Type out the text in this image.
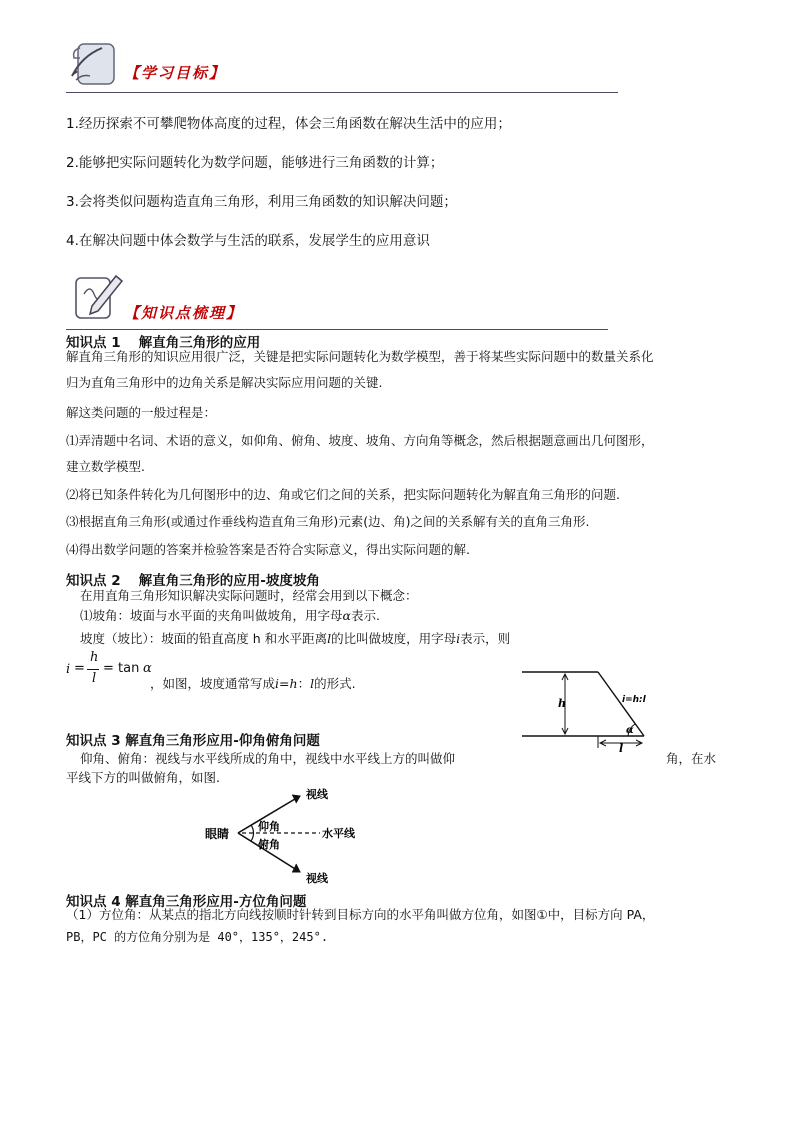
【学习目标】
1.经历探索不可攀爬物体高度的过程，体会三角函数在解决生活中的应用；
2.能够把实际问题转化为数学问题，能够进行三角函数的计算；
3.会将类似问题构造直角三角形，利用三角函数的知识解决问题；
4.在解决问题中体会数学与生活的联系，发展学生的应用意识
【知识点梳理】
知识点 1　 解直角三角形的应用
解直角三角形的知识应用很广泛，关键是把实际问题转化为数学模型，善于将某些实际问题中的数量关系化
归为直角三角形中的边角关系是解决实际应用问题的关键.
解这类问题的一般过程是：
⑴弄清题中名词、术语的意义，如仰角、俯角、坡度、坡角、方向角等概念，然后根据题意画出几何图形，
建立数学模型.
⑵将已知条件转化为几何图形中的边、角或它们之间的关系，把实际问题转化为解直角三角形的问题.
⑶根据直角三角形(或通过作垂线构造直角三角形)元素(边、角)之间的关系解有关的直角三角形.
⑷得出数学问题的答案并检验答案是否符合实际意义，得出实际问题的解.
知识点 2　 解直角三角形的应用-坡度坡角
在用直角三角形知识解决实际问题时，经常会用到以下概念：
⑴坡角：坡面与水平面的夹角叫做坡角，用字母α表示.
坡度（坡比）：坡面的铅直高度 h 和水平距离l的比叫做坡度，用字母i表示，则
i =
h
l
= tan α
，如图，坡度通常写成i=h：l的形式.
h	i=h:l
α
l
知识点 3 解直角三角形应用-仰角俯角问题
仰角、俯角：视线与水平线所成的角中，视线中水平线上方的叫做仰	角，在水
平线下方的叫做俯角，如图.
眼睛
视线
视线
仰角
俯角
水平线
知识点 4 解直角三角形应用-方位角问题
（1）方位角：从某点的指北方向线按顺时针转到目标方向的水平角叫做方位角，如图①中，目标方向 PA，
PB，PC 的方位角分别为是 40°，135°，245°.
